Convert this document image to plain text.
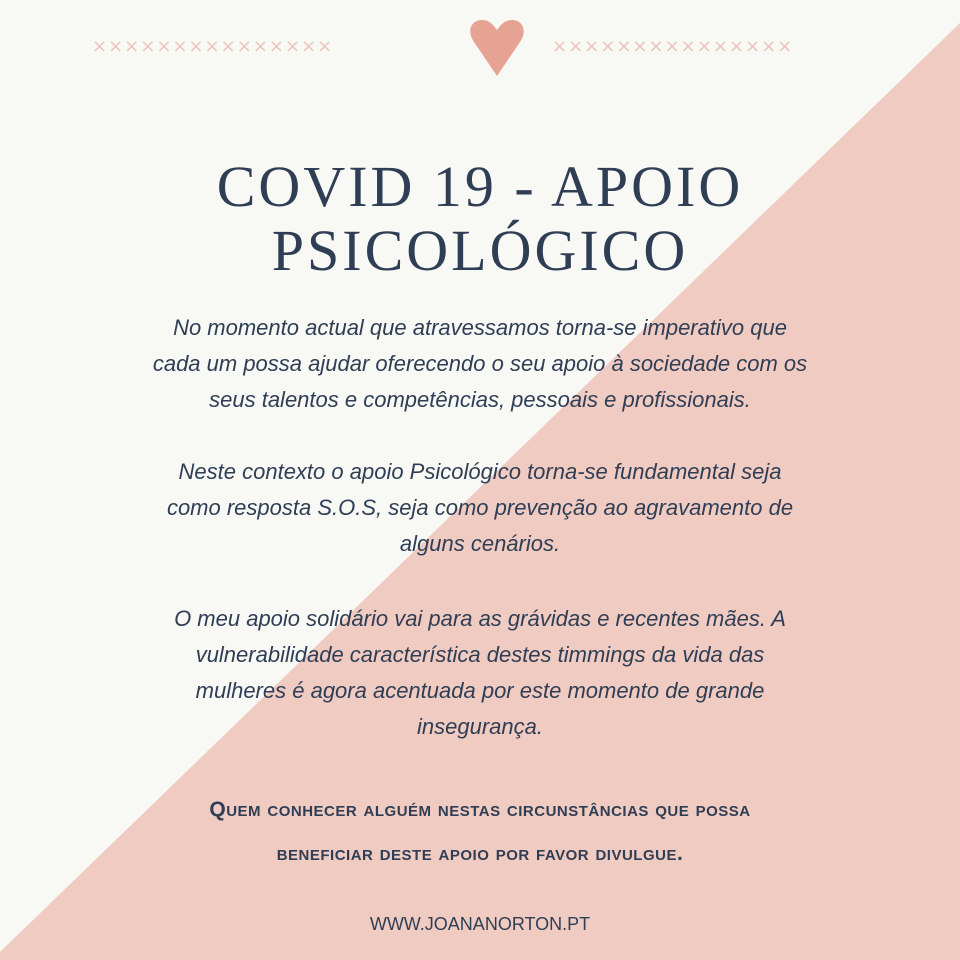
×××××××××××××××	×××××××××××××××
COVID 19 - APOIO
PSICOLÓGICO
No momento actual que atravessamos torna-se imperativo que
cada um possa ajudar oferecendo o seu apoio à sociedade com os
seus talentos e competências, pessoais e profissionais.
Neste contexto o apoio Psicológico torna-se fundamental seja
como resposta S.O.S, seja como prevenção ao agravamento de
alguns cenários.
O meu apoio solidário vai para as grávidas e recentes mães. A
vulnerabilidade característica destes timmings da vida das
mulheres é agora acentuada por este momento de grande
insegurança.
Quem conhecer alguém nestas circunstâncias que possa
beneficiar deste apoio por favor divulgue.
WWW.JOANANORTON.PT
